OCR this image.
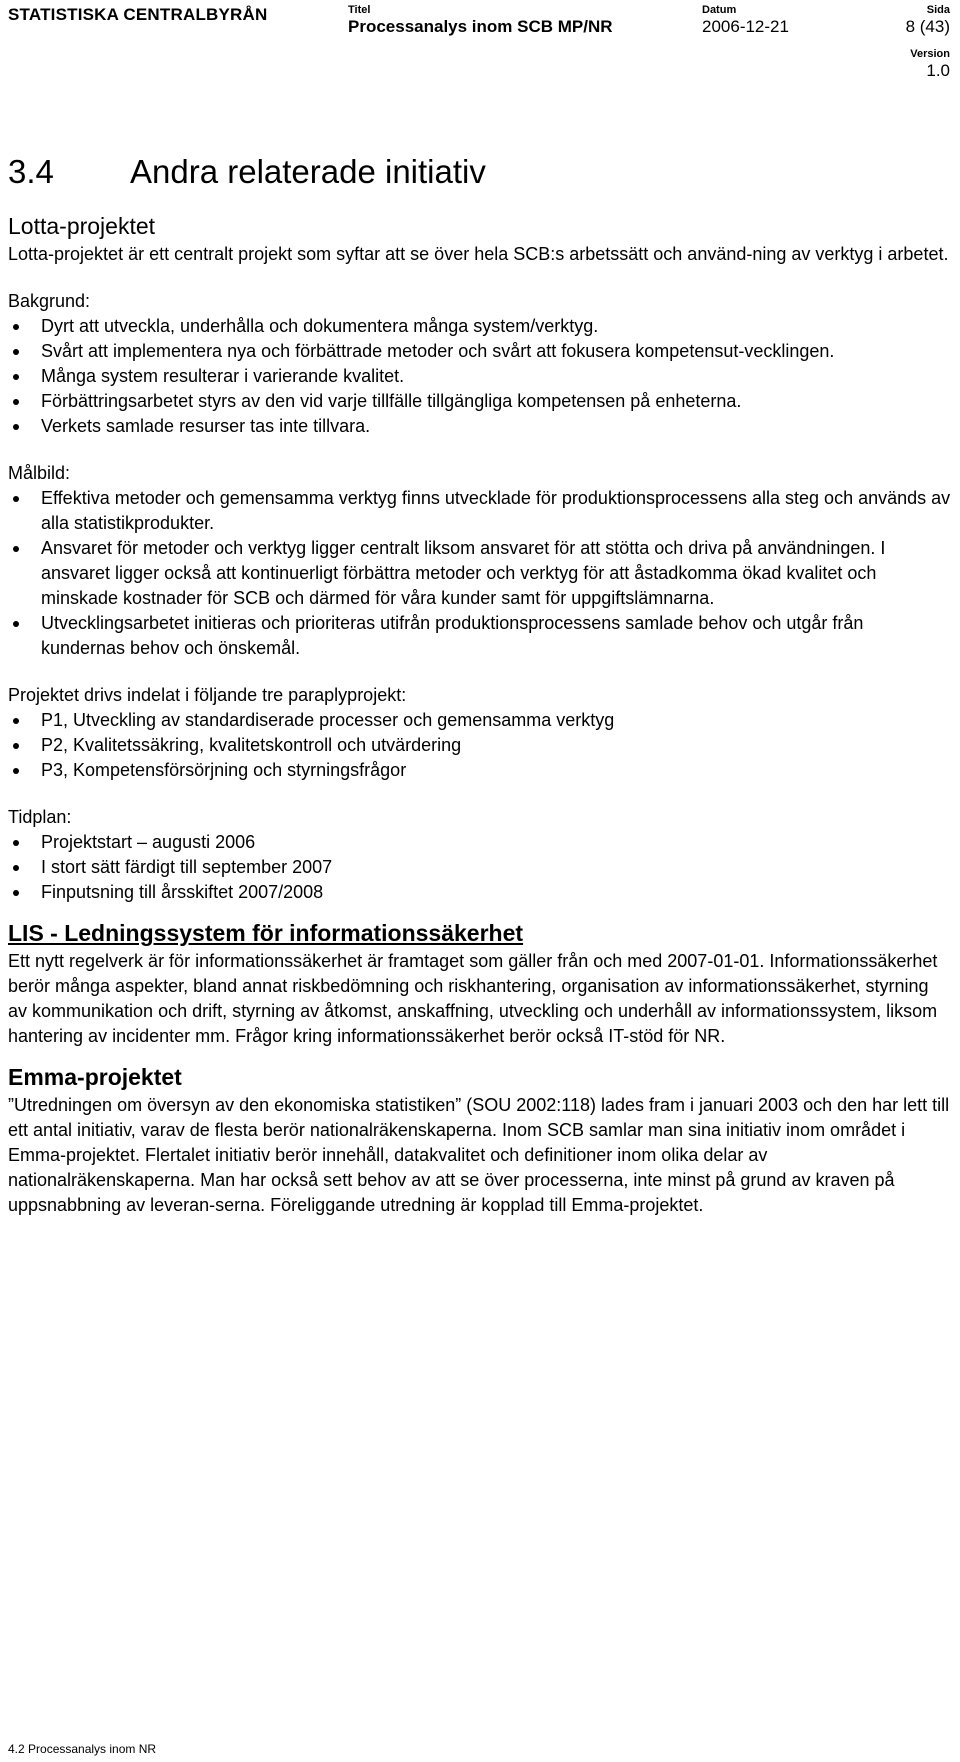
STATISTISKA CENTRALBYRÅN	Titel
Processanalys inom SCB MP/NR
Datum
2006-12-21
Sida
8 (43)
Version
1.0
3.4 Andra relaterade initiativ
Lotta-projektet

Lotta-projektet är ett centralt projekt som syftar att se över hela SCB:s arbetssätt och använd-ning av verktyg i arbetet.

Bakgrund:

Dyrt att utveckla, underhålla och dokumentera många system/verktyg.
Svårt att implementera nya och förbättrade metoder och svårt att fokusera kompetensut-vecklingen.
Många system resulterar i varierande kvalitet.
Förbättringsarbetet styrs av den vid varje tillfälle tillgängliga kompetensen på enheterna.
Verkets samlade resurser tas inte tillvara.

Målbild:

Effektiva metoder och gemensamma verktyg finns utvecklade för produktionsprocessens alla steg och används av alla statistikprodukter.
Ansvaret för metoder och verktyg ligger centralt liksom ansvaret för att stötta och driva på användningen. I ansvaret ligger också att kontinuerligt förbättra metoder och verktyg för att åstadkomma ökad kvalitet och minskade kostnader för SCB och därmed för våra kunder samt för uppgiftslämnarna.
Utvecklingsarbetet initieras och prioriteras utifrån produktionsprocessens samlade behov och utgår från kundernas behov och önskemål.

Projektet drivs indelat i följande tre paraplyprojekt:

P1, Utveckling av standardiserade processer och gemensamma verktyg
P2, Kvalitetssäkring, kvalitetskontroll och utvärdering
P3, Kompetensförsörjning och styrningsfrågor

Tidplan:

Projektstart – augusti 2006
I stort sätt färdigt till september 2007
Finputsning till årsskiftet 2007/2008
LIS - Ledningssystem för informationssäkerhet

Ett nytt regelverk är för informationssäkerhet är framtaget som gäller från och med 2007-01-01. Informationssäkerhet berör många aspekter, bland annat riskbedömning och riskhantering, organisation av informationssäkerhet, styrning av kommunikation och drift, styrning av åtkomst, anskaffning, utveckling och underhåll av informationssystem, liksom hantering av incidenter mm. Frågor kring informationssäkerhet berör också IT-stöd för NR.

Emma-projektet

”Utredningen om översyn av den ekonomiska statistiken” (SOU 2002:118) lades fram i januari 2003 och den har lett till ett antal initiativ, varav de flesta berör nationalräkenskaperna. Inom SCB samlar man sina initiativ inom området i Emma-projektet. Flertalet initiativ berör innehåll, datakvalitet och definitioner inom olika delar av nationalräkenskaperna. Man har också sett behov av att se över processerna, inte minst på grund av kraven på uppsnabbning av leveran-serna. Föreliggande utredning är kopplad till Emma-projektet.

4.2 Processanalys inom NR
